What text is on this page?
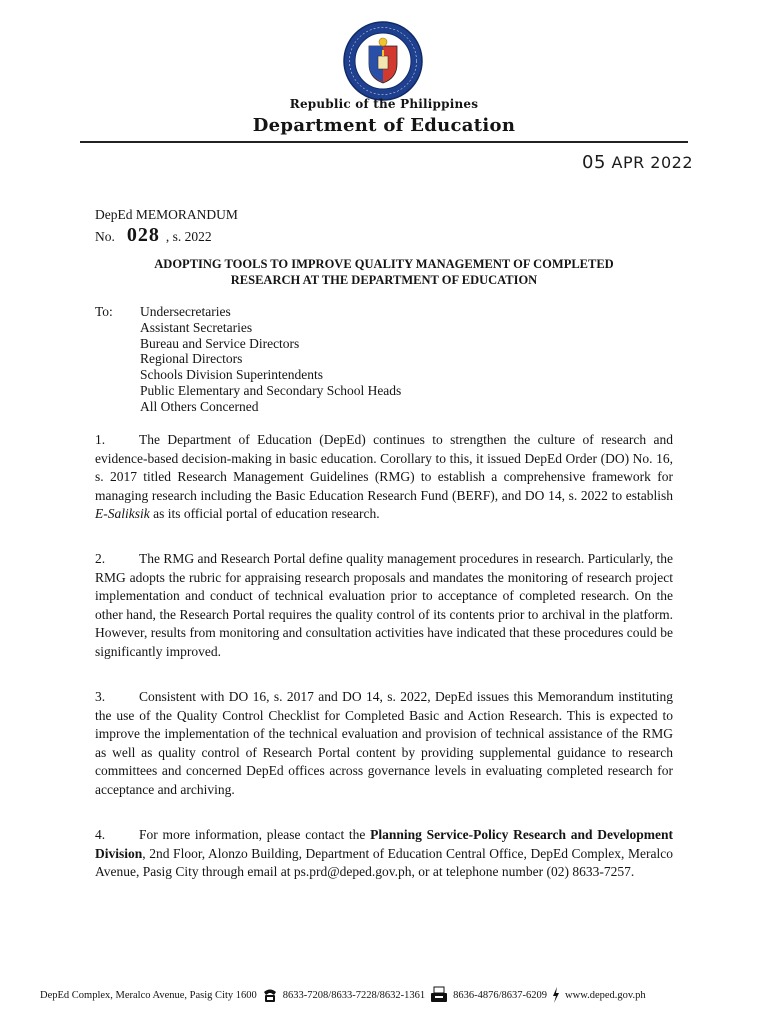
Republic of the Philippines
Department of Education
05 APR 2022
DepEd MEMORANDUM
No. 028 , s. 2022
ADOPTING TOOLS TO IMPROVE QUALITY MANAGEMENT OF COMPLETED
RESEARCH AT THE DEPARTMENT OF EDUCATION
To: Undersecretaries
Assistant Secretaries
Bureau and Service Directors
Regional Directors
Schools Division Superintendents
Public Elementary and Secondary School Heads
All Others Concerned

1.	The Department of Education (DepEd) continues to strengthen the culture of research and evidence-based decision-making in basic education. Corollary to this, it issued DepEd Order (DO) No. 16, s. 2017 titled Research Management Guidelines (RMG) to establish a comprehensive framework for managing research including the Basic Education Research Fund (BERF), and DO 14, s. 2022 to establish E-Saliksik as its official portal of education research.

2.	The RMG and Research Portal define quality management procedures in research. Particularly, the RMG adopts the rubric for appraising research proposals and mandates the monitoring of research project implementation and conduct of technical evaluation prior to acceptance of completed research. On the other hand, the Research Portal requires the quality control of its contents prior to archival in the platform. However, results from monitoring and consultation activities have indicated that these procedures could be significantly improved.

3.	Consistent with DO 16, s. 2017 and DO 14, s. 2022, DepEd issues this Memorandum instituting the use of the Quality Control Checklist for Completed Basic and Action Research. This is expected to improve the implementation of the technical evaluation and provision of technical assistance of the RMG as well as quality control of Research Portal content by providing supplemental guidance to research committees and concerned DepEd offices across governance levels in evaluating completed research for acceptance and archiving.

4.	For more information, please contact the Planning Service-Policy Research and Development Division, 2nd Floor, Alonzo Building, Department of Education Central Office, DepEd Complex, Meralco Avenue, Pasig City through email at ps.prd@deped.gov.ph, or at telephone number (02) 8633-7257.

DepEd Complex, Meralco Avenue, Pasig City 1600 8633-7208/8633-7228/8632-1361	8636-4876/8637-6209 www.deped.gov.ph
